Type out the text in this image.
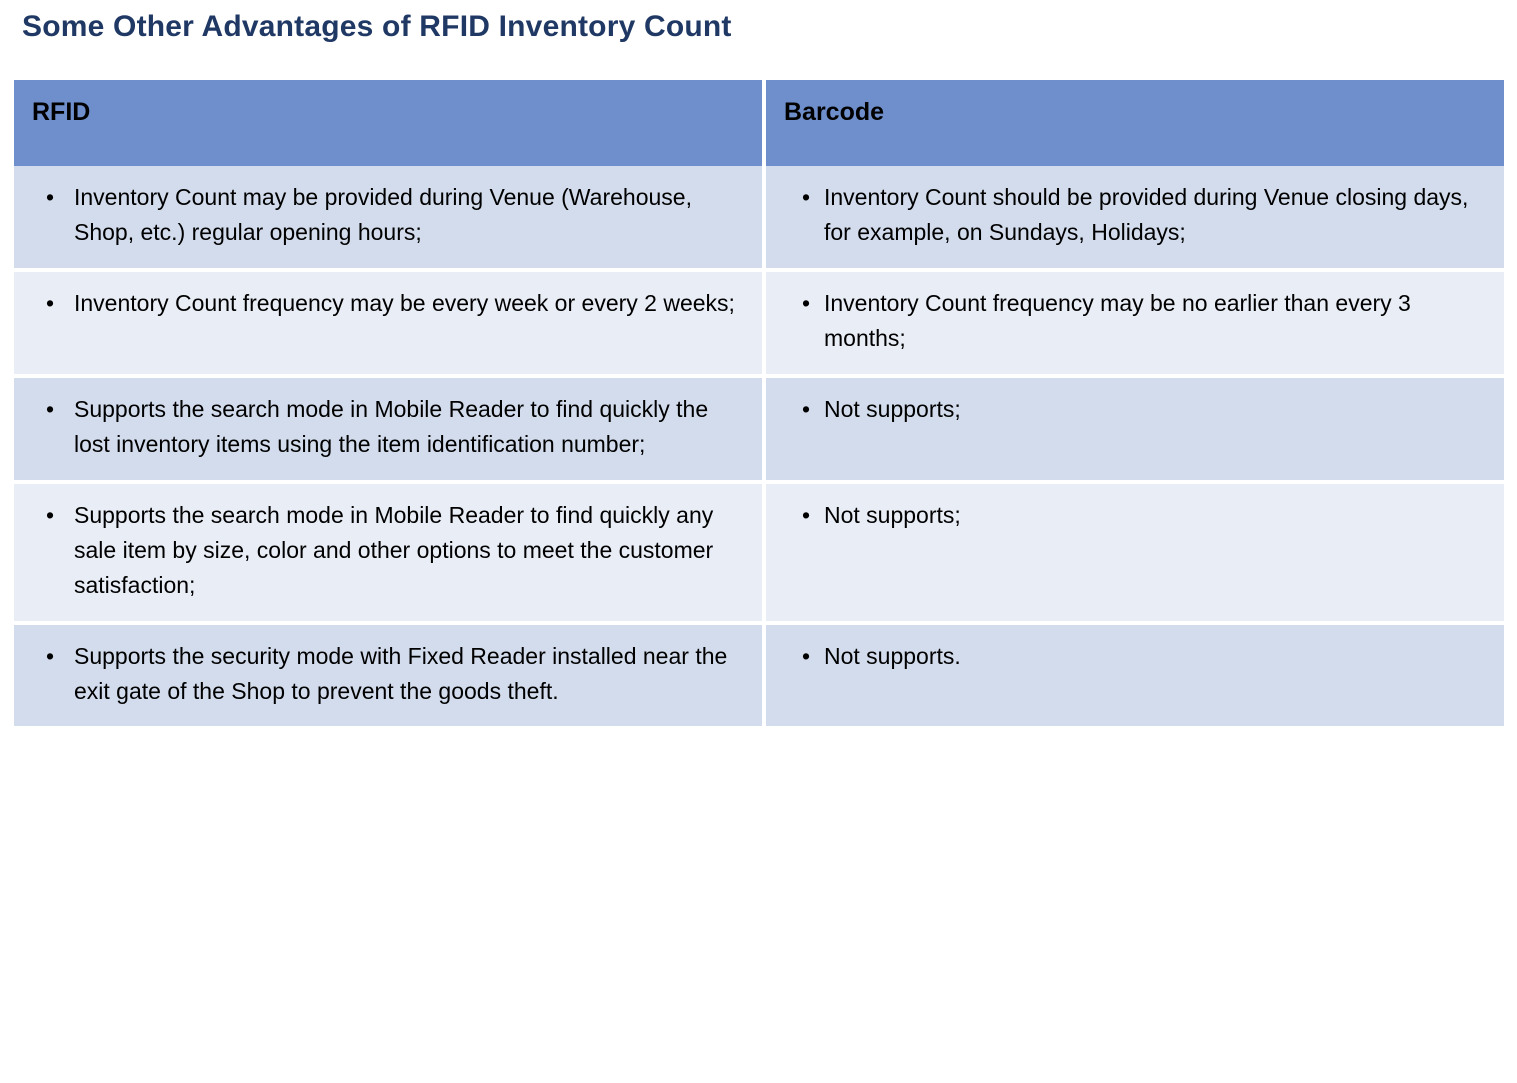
Some Other Advantages of RFID Inventory Count
RFID	Barcode

• Inventory Count may be provided during Venue (Warehouse, Shop, etc.) regular opening hours;	• Inventory Count should be provided during Venue closing days, for example, on Sundays, Holidays;

• Inventory Count frequency may be every week or every 2 weeks;	• Inventory Count frequency may be no earlier than every 3 months;

• Supports the search mode in Mobile Reader to find quickly the lost inventory items using the item identification number;	• Not supports;

• Supports the search mode in Mobile Reader to find quickly any sale item by size, color and other options to meet the customer satisfaction;	• Not supports;

• Supports the security mode with Fixed Reader installed near the exit gate of the Shop to prevent the goods theft.	• Not supports.
